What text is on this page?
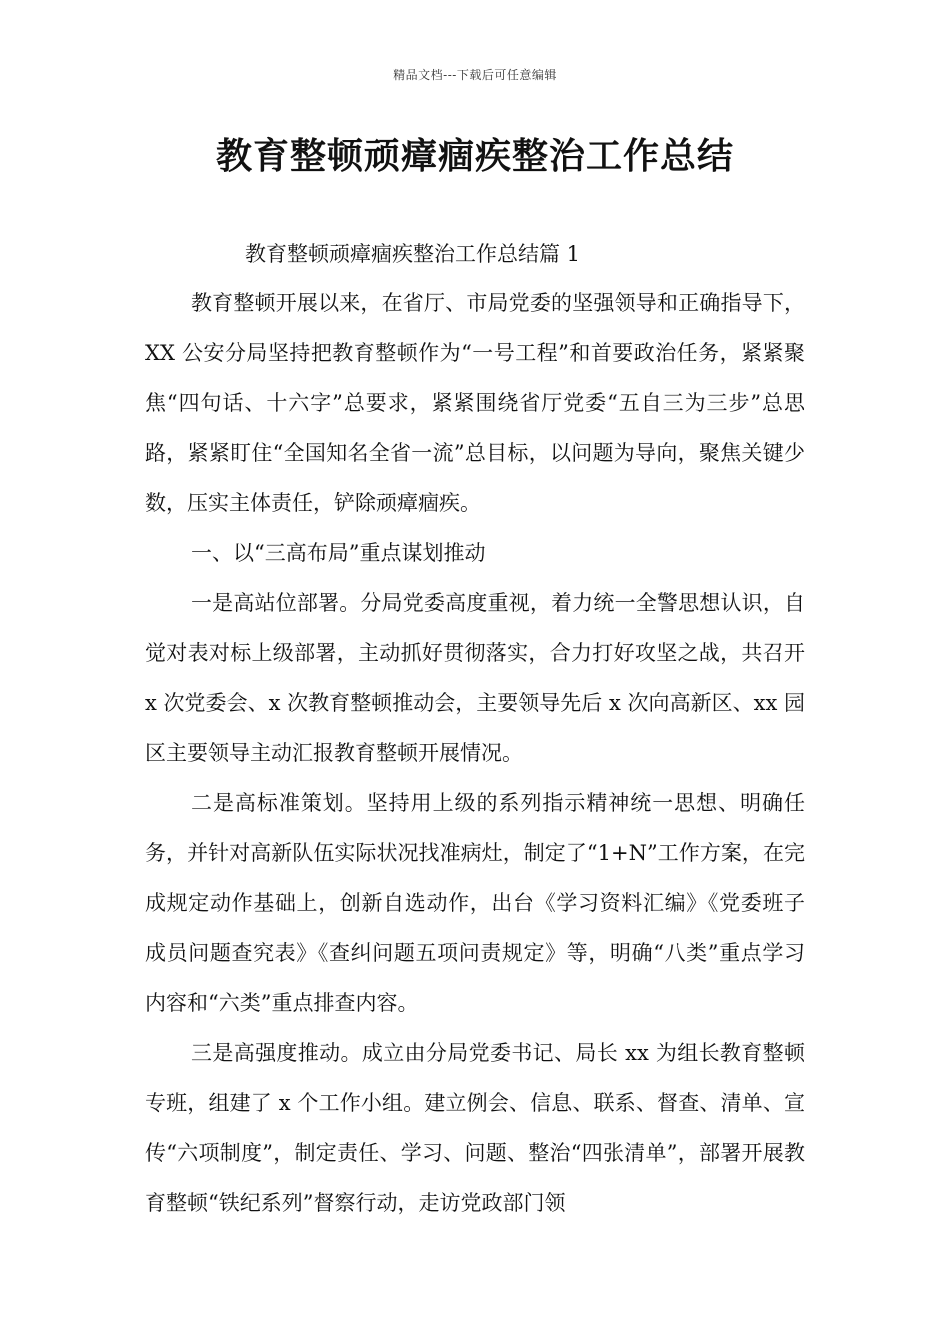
精品文档---下载后可任意编辑
教育整顿顽瘴痼疾整治工作总结
教育整顿顽瘴痼疾整治工作总结篇 1

教育整顿开展以来，在省厅、市局党委的坚强领导和正确指导下，XX 公安分局坚持把教育整顿作为“一号工程”和首要政治任务，紧紧聚焦“四句话、十六字”总要求，紧紧围绕省厅党委“五自三为三步”总思路，紧紧盯住“全国知名全省一流”总目标，以问题为导向，聚焦关键少数，压实主体责任，铲除顽瘴痼疾。

一、以“三高布局”重点谋划推动

一是高站位部署。分局党委高度重视，着力统一全警思想认识，自觉对表对标上级部署，主动抓好贯彻落实，合力打好攻坚之战，共召开 x 次党委会、x 次教育整顿推动会，主要领导先后 x 次向高新区、xx 园区主要领导主动汇报教育整顿开展情况。

二是高标准策划。坚持用上级的系列指示精神统一思想、明确任务，并针对高新队伍实际状况找准病灶，制定了“1+N”工作方案，在完成规定动作基础上，创新自选动作，出台《学习资料汇编》《党委班子成员问题查究表》《查纠问题五项问责规定》等，明确“八类”重点学习内容和“六类”重点排查内容。

三是高强度推动。成立由分局党委书记、局长 xx 为组长教育整顿专班，组建了 x 个工作小组。建立例会、信息、联系、督查、清单、宣传“六项制度”，制定责任、学习、问题、整治“四张清单”，部署开展教育整顿“铁纪系列”督察行动，走访党政部门领
